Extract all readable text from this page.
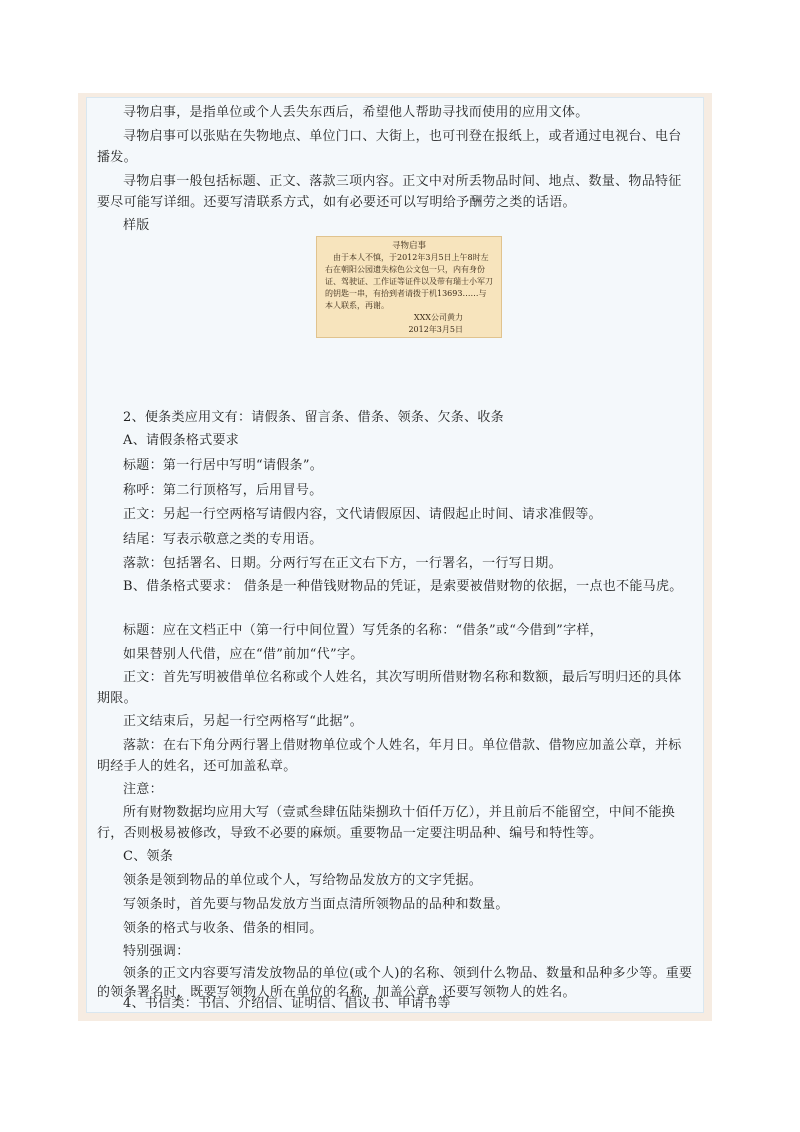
寻物启事，是指单位或个人丢失东西后，希望他人帮助寻找而使用的应用文体。
寻物启事可以张贴在失物地点、单位门口、大街上，也可刊登在报纸上，或者通过电视台、电台播发。
寻物启事一般包括标题、正文、落款三项内容。正文中对所丢物品时间、地点、数量、物品特征要尽可能写详细。还要写清联系方式，如有必要还可以写明给予酬劳之类的话语。
样版
寻物启事
由于本人不慎，于2012年3月5日上午8时左右在朝阳公园遗失棕色公文包一只，内有身份证、驾驶证、工作证等证件以及带有瑞士小军刀的钥匙一串，有拾到者请拨于机13693……与本人联系，再谢。
XXX公司黄力
2012年3月5日
2、便条类应用文有：请假条、留言条、借条、领条、欠条、收条
A、请假条格式要求
标题：第一行居中写明“请假条”。
称呼：第二行顶格写，后用冒号。
正文：另起一行空两格写请假内容，文代请假原因、请假起止时间、请求准假等。
结尾：写表示敬意之类的专用语。
落款：包括署名、日期。分两行写在正文右下方，一行署名，一行写日期。
B、借条格式要求： 借条是一种借钱财物品的凭证，是索要被借财物的依据，一点也不能马虎。
标题：应在文档正中（第一行中间位置）写凭条的名称：“借条”或“今借到”字样，
如果替别人代借，应在“借”前加“代”字。
正文：首先写明被借单位名称或个人姓名，其次写明所借财物名称和数额，最后写明归还的具体期限。
正文结束后，另起一行空两格写“此据”。
落款：在右下角分两行署上借财物单位或个人姓名，年月日。单位借款、借物应加盖公章，并标明经手人的姓名，还可加盖私章。
注意：
所有财物数据均应用大写（壹贰叁肆伍陆柒捌玖十佰仟万亿），并且前后不能留空，中间不能换行，否则极易被修改，导致不必要的麻烦。重要物品一定要注明品种、编号和特性等。
C、领条
领条是领到物品的单位或个人，写给物品发放方的文字凭据。
写领条时，首先要与物品发放方当面点清所领物品的品种和数量。
领条的格式与收条、借条的相同。
特别强调：
领条的正文内容要写清发放物品的单位(或个人)的名称、领到什么物品、数量和品种多少等。重要的领条署名时，既要写领物人所在单位的名称，加盖公章，还要写领物人的姓名。
4、书信类：书信、介绍信、证明信、倡议书、申请书等
